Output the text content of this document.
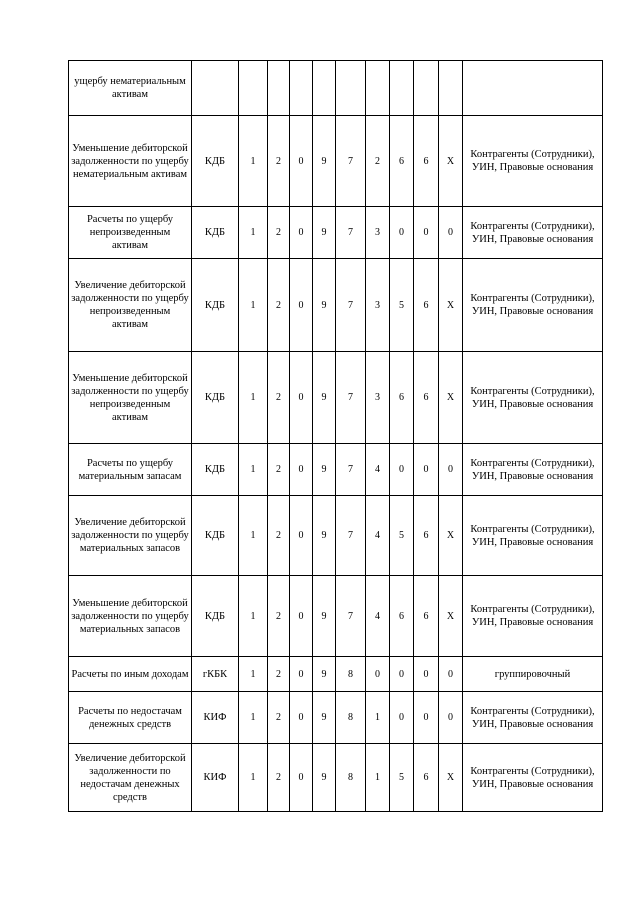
ущербу нематериальным активам											
Уменьшение дебиторской задолженности по ущербу нематериальным активам	КДБ	1	2	0	9	7	2	6	6	X	Контрагенты (Сотрудники), УИН, Правовые основания
Расчеты по ущербу непроизведенным активам	КДБ	1	2	0	9	7	3	0	0	0	Контрагенты (Сотрудники), УИН, Правовые основания
Увеличение дебиторской задолженности по ущербу непроизведенным активам	КДБ	1	2	0	9	7	3	5	6	X	Контрагенты (Сотрудники), УИН, Правовые основания
Уменьшение дебиторской задолженности по ущербу непроизведенным активам	КДБ	1	2	0	9	7	3	6	6	X	Контрагенты (Сотрудники), УИН, Правовые основания
Расчеты по ущербу материальным запасам	КДБ	1	2	0	9	7	4	0	0	0	Контрагенты (Сотрудники), УИН, Правовые основания
Увеличение дебиторской задолженности по ущербу материальных запасов	КДБ	1	2	0	9	7	4	5	6	X	Контрагенты (Сотрудники), УИН, Правовые основания
Уменьшение дебиторской задолженности по ущербу материальных запасов	КДБ	1	2	0	9	7	4	6	6	X	Контрагенты (Сотрудники), УИН, Правовые основания
Расчеты по иным доходам	гКБК	1	2	0	9	8	0	0	0	0	группировочный
Расчеты по недостачам денежных средств	КИФ	1	2	0	9	8	1	0	0	0	Контрагенты (Сотрудники), УИН, Правовые основания
Увеличение дебиторской задолженности по недостачам денежных средств	КИФ	1	2	0	9	8	1	5	6	X	Контрагенты (Сотрудники), УИН, Правовые основания
